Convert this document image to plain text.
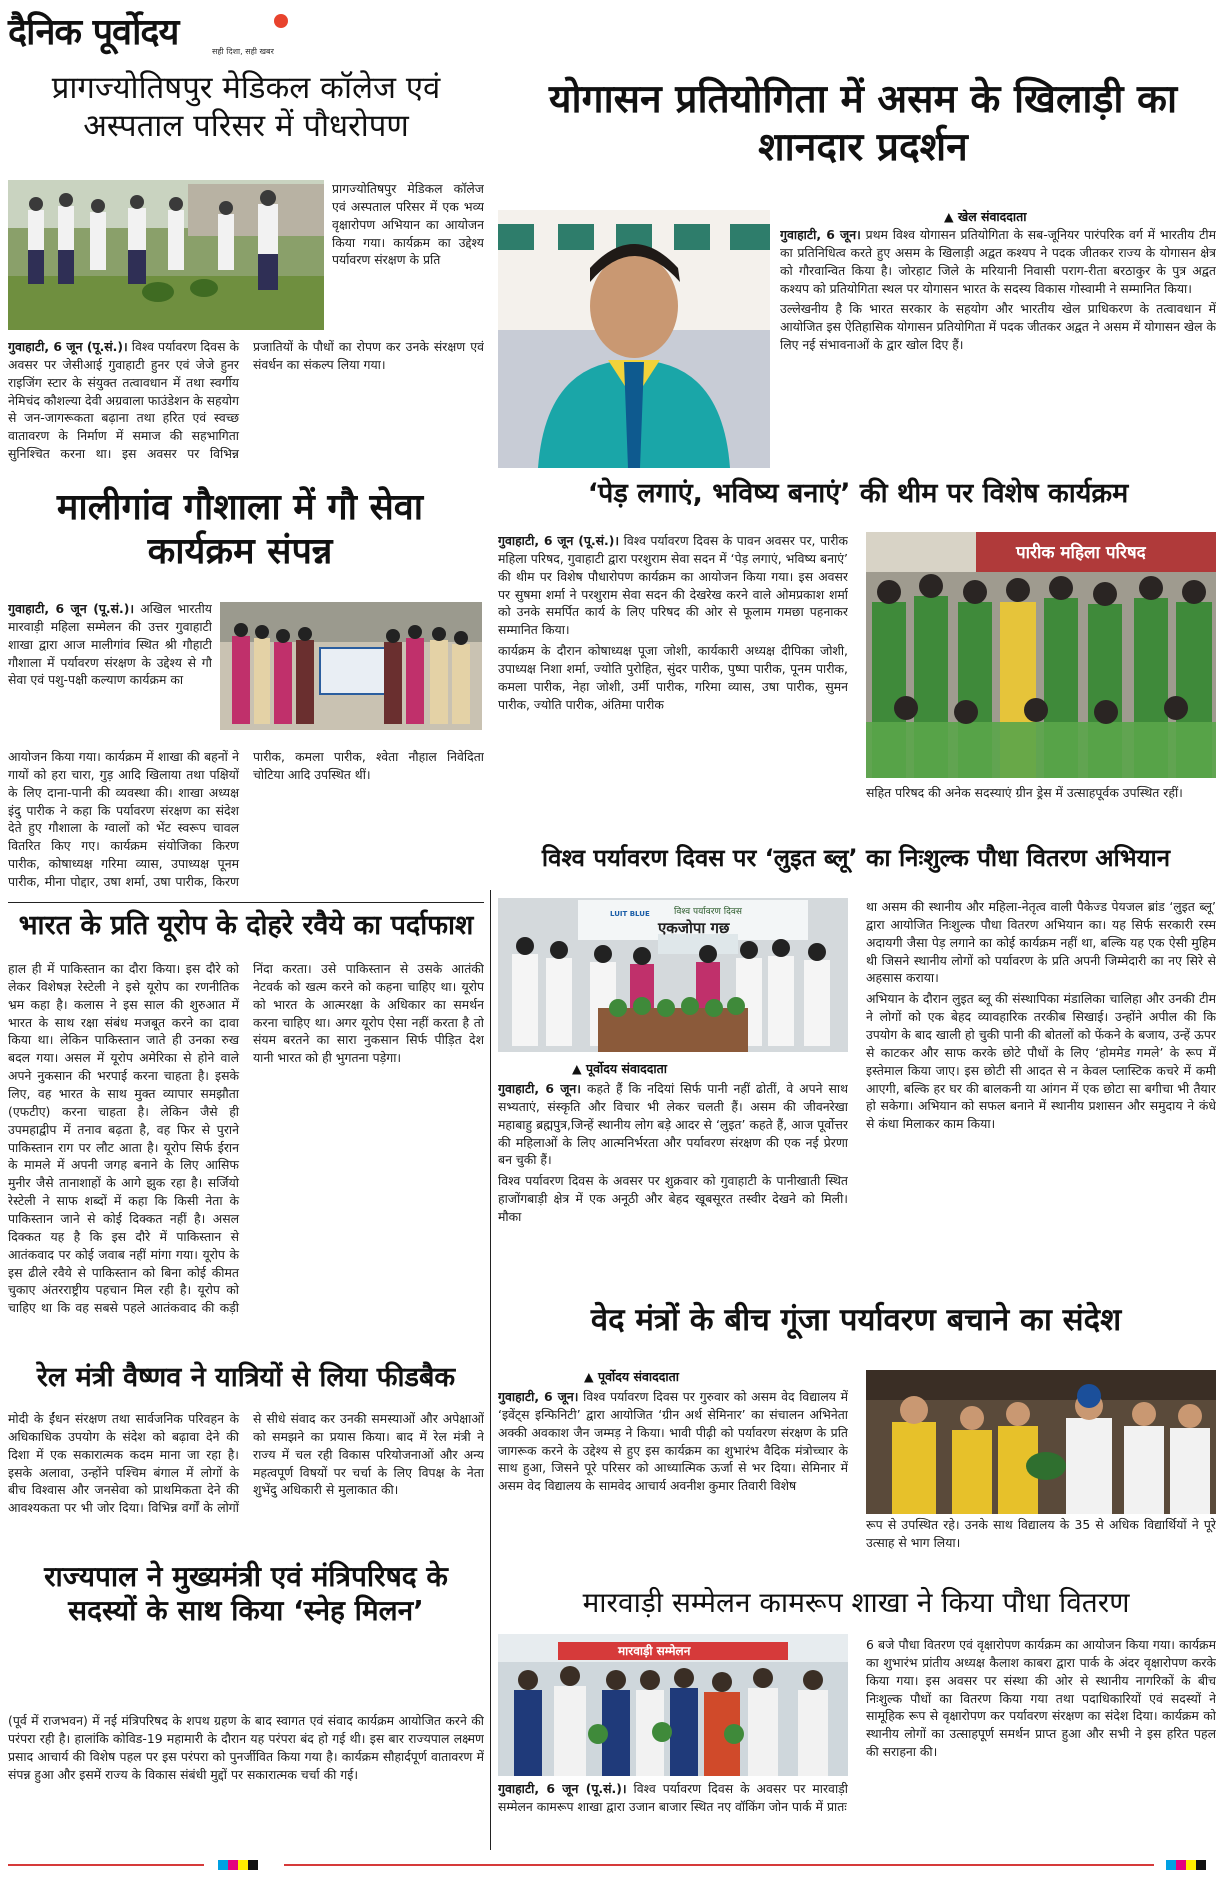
दैनिक पूर्वोदय	सही दिशा, सही खबर
प्रागज्योतिषपुर मेडिकल कॉलेज एवं अस्पताल परिसर में पौधरोपण
प्रागज्योतिषपुर मेडिकल कॉलेज एवं अस्पताल परिसर में एक भव्य वृक्षारोपण अभियान का आयोजन किया गया। कार्यक्रम का उद्देश्य पर्यावरण संरक्षण के प्रति
गुवाहाटी, 6 जून (पू.सं.)। विश्व पर्यावरण दिवस के अवसर पर जेसीआई गुवाहाटी हुनर एवं जेजे हुनर राइजिंग स्टार के संयुक्त तत्वावधान में तथा स्वर्गीय नेमिचंद कौशल्या देवी अग्रवाला फाउंडेशन के सहयोग से जन-जागरूकता बढ़ाना तथा हरित एवं स्वच्छ वातावरण के निर्माण में समाज की सहभागिता सुनिश्चित करना था। इस अवसर पर विभिन्न प्रजातियों के पौधों का रोपण कर उनके संरक्षण एवं संवर्धन का संकल्प लिया गया।
मालीगांव गौशाला में गौ सेवा कार्यक्रम संपन्न
गुवाहाटी, 6 जून (पू.सं.)। अखिल भारतीय मारवाड़ी महिला सम्मेलन की उत्तर गुवाहाटी शाखा द्वारा आज मालीगांव स्थित श्री गौहाटी गौशाला में पर्यावरण संरक्षण के उद्देश्य से गौ सेवा एवं पशु-पक्षी कल्याण कार्यक्रम का
आयोजन किया गया। कार्यक्रम में शाखा की बहनों ने गायों को हरा चारा, गुड़ आदि खिलाया तथा पक्षियों के लिए दाना-पानी की व्यवस्था की। शाखा अध्यक्ष इंदु पारीक ने कहा कि पर्यावरण संरक्षण का संदेश देते हुए गौशाला के ग्वालों को भेंट स्वरूप चावल वितरित किए गए। कार्यक्रम संयोजिका किरण पारीक, कोषाध्यक्ष गरिमा व्यास, उपाध्यक्ष पूनम पारीक, मीना पोद्दार, उषा शर्मा, उषा पारीक, किरण पारीक, कमला पारीक, श्वेता नौहाल निवेदिता चोटिया आदि उपस्थित थीं।
भारत के प्रति यूरोप के दोहरे रवैये का पर्दाफाश
हाल ही में पाकिस्तान का दौरा किया। इस दौरे को लेकर विशेषज्ञ रेस्टेली ने इसे यूरोप का रणनीतिक भ्रम कहा है। कलास ने इस साल की शुरुआत में भारत के साथ रक्षा संबंध मजबूत करने का दावा किया था। लेकिन पाकिस्तान जाते ही उनका रुख बदल गया। असल में यूरोप अमेरिका से होने वाले अपने नुकसान की भरपाई करना चाहता है। इसके लिए, वह भारत के साथ मुक्त व्यापार समझौता (एफटीए) करना चाहता है। लेकिन जैसे ही उपमहाद्वीप में तनाव बढ़ता है, वह फिर से पुराने पाकिस्तान राग पर लौट आता है। यूरोप सिर्फ ईरान के मामले में अपनी जगह बनाने के लिए आसिफ मुनीर जैसे तानाशाहों के आगे झुक रहा है। सर्जियो रेस्टेली ने साफ शब्दों में कहा कि किसी नेता के पाकिस्तान जाने से कोई दिक्कत नहीं है। असल दिक्कत यह है कि इस दौरे में पाकिस्तान से आतंकवाद पर कोई जवाब नहीं मांगा गया। यूरोप के इस ढीले रवैये से पाकिस्तान को बिना कोई कीमत चुकाए अंतरराष्ट्रीय पहचान मिल रही है। यूरोप को चाहिए था कि वह सबसे पहले आतंकवाद की कड़ी निंदा करता। उसे पाकिस्तान से उसके आतंकी नेटवर्क को खत्म करने को कहना चाहिए था। यूरोप को भारत के आत्मरक्षा के अधिकार का समर्थन करना चाहिए था। अगर यूरोप ऐसा नहीं करता है तो संयम बरतने का सारा नुकसान सिर्फ पीड़ित देश यानी भारत को ही भुगतना पड़ेगा।
रेल मंत्री वैष्णव ने यात्रियों से लिया फीडबैक
मोदी के ईंधन संरक्षण तथा सार्वजनिक परिवहन के अधिकाधिक उपयोग के संदेश को बढ़ावा देने की दिशा में एक सकारात्मक कदम माना जा रहा है। इसके अलावा, उन्होंने पश्चिम बंगाल में लोगों के बीच विश्वास और जनसेवा को प्राथमिकता देने की आवश्यकता पर भी जोर दिया। विभिन्न वर्गों के लोगों से सीधे संवाद कर उनकी समस्याओं और अपेक्षाओं को समझने का प्रयास किया। बाद में रेल मंत्री ने राज्य में चल रही विकास परियोजनाओं और अन्य महत्वपूर्ण विषयों पर चर्चा के लिए विपक्ष के नेता शुभेंदु अधिकारी से मुलाकात की।
राज्यपाल ने मुख्यमंत्री एवं मंत्रिपरिषद के सदस्यों के साथ किया ‘स्नेह मिलन’
(पूर्व में राजभवन) में नई मंत्रिपरिषद के शपथ ग्रहण के बाद स्वागत एवं संवाद कार्यक्रम आयोजित करने की परंपरा रही है। हालांकि कोविड-19 महामारी के दौरान यह परंपरा बंद हो गई थी। इस बार राज्यपाल लक्ष्मण प्रसाद आचार्य की विशेष पहल पर इस परंपरा को पुनर्जीवित किया गया है। कार्यक्रम सौहार्दपूर्ण वातावरण में संपन्न हुआ और इसमें राज्य के विकास संबंधी मुद्दों पर सकारात्मक चर्चा की गई।
योगासन प्रतियोगिता में असम के खिलाड़ी का शानदार प्रदर्शन
▲ खेल संवाददाता

गुवाहाटी, 6 जून। प्रथम विश्व योगासन प्रतियोगिता के सब-जूनियर पारंपरिक वर्ग में भारतीय टीम का प्रतिनिधित्व करते हुए असम के खिलाड़ी अद्वत कश्यप ने पदक जीतकर राज्य के योगासन क्षेत्र को गौरवान्वित किया है। जोरहाट जिले के मरियानी निवासी पराग-रीता बरठाकुर के पुत्र अद्वत कश्यप को प्रतियोगिता स्थल पर योगासन भारत के सदस्य विकास गोस्वामी ने सम्मानित किया।

उल्लेखनीय है कि भारत सरकार के सहयोग और भारतीय खेल प्राधिकरण के तत्वावधान में आयोजित इस ऐतिहासिक योगासन प्रतियोगिता में पदक जीतकर अद्वत ने असम में योगासन खेल के लिए नई संभावनाओं के द्वार खोल दिए हैं।

‘पेड़ लगाएं, भविष्य बनाएं’ की थीम पर विशेष कार्यक्रम

गुवाहाटी, 6 जून (पू.सं.)। विश्व पर्यावरण दिवस के पावन अवसर पर, पारीक महिला परिषद, गुवाहाटी द्वारा परशुराम सेवा सदन में ‘पेड़ लगाएं, भविष्य बनाएं’ की थीम पर विशेष पौधारोपण कार्यक्रम का आयोजन किया गया। इस अवसर पर सुषमा शर्मा ने परशुराम सेवा सदन की देखरेख करने वाले ओमप्रकाश शर्मा को उनके समर्पित कार्य के लिए परिषद की ओर से फूलाम गमछा पहनाकर सम्मानित किया।

कार्यक्रम के दौरान कोषाध्यक्ष पूजा जोशी, कार्यकारी अध्यक्ष दीपिका जोशी, उपाध्यक्ष निशा शर्मा, ज्योति पुरोहित, सुंदर पारीक, पुष्पा पारीक, पूनम पारीक, कमला पारीक, नेहा जोशी, उर्मी पारीक, गरिमा व्यास, उषा पारीक, सुमन पारीक, ज्योति पारीक, अंतिमा पारीक

पारीक महिला परिषद
सहित परिषद की अनेक सदस्याएं ग्रीन ड्रेस में उत्साहपूर्वक उपस्थित रहीं।
विश्व पर्यावरण दिवस पर ‘लुइत ब्लू’ का निःशुल्क पौधा वितरण अभियान
LUIT BLUE	विश्व पर्यावरण दिवस
एकजोपा गछ
▲ पूर्वोदय संवाददाता

गुवाहाटी, 6 जून। कहते हैं कि नदियां सिर्फ पानी नहीं ढोतीं, वे अपने साथ सभ्यताएं, संस्कृति और विचार भी लेकर चलती हैं। असम की जीवनरेखा महाबाहु ब्रह्मपुत्र,जिन्हें स्थानीय लोग बड़े आदर से ‘लुइत’ कहते हैं, आज पूर्वोत्तर की महिलाओं के लिए आत्मनिर्भरता और पर्यावरण संरक्षण की एक नई प्रेरणा बन चुकी हैं।

विश्व पर्यावरण दिवस के अवसर पर शुक्रवार को गुवाहाटी के पानीखाती स्थित हाजोंगबाड़ी क्षेत्र में एक अनूठी और बेहद खूबसूरत तस्वीर देखने को मिली। मौका

था असम की स्थानीय और महिला-नेतृत्व वाली पैकेज्ड पेयजल ब्रांड ‘लुइत ब्लू’ द्वारा आयोजित निःशुल्क पौधा वितरण अभियान का। यह सिर्फ सरकारी रस्म अदायगी जैसा पेड़ लगाने का कोई कार्यक्रम नहीं था, बल्कि यह एक ऐसी मुहिम थी जिसने स्थानीय लोगों को पर्यावरण के प्रति अपनी जिम्मेदारी का नए सिरे से अहसास कराया।

अभियान के दौरान लुइत ब्लू की संस्थापिका मंडालिका चालिहा और उनकी टीम ने लोगों को एक बेहद व्यावहारिक तरकीब सिखाई। उन्होंने अपील की कि उपयोग के बाद खाली हो चुकी पानी की बोतलों को फेंकने के बजाय, उन्हें ऊपर से काटकर और साफ करके छोटे पौधों के लिए ‘होममेड गमले’ के रूप में इस्तेमाल किया जाए। इस छोटी सी आदत से न केवल प्लास्टिक कचरे में कमी आएगी, बल्कि हर घर की बालकनी या आंगन में एक छोटा सा बगीचा भी तैयार हो सकेगा। अभियान को सफल बनाने में स्थानीय प्रशासन और समुदाय ने कंधे से कंधा मिलाकर काम किया।

वेद मंत्रों के बीच गूंजा पर्यावरण बचाने का संदेश
▲ पूर्वोदय संवाददाता
गुवाहाटी, 6 जून। विश्व पर्यावरण दिवस पर गुरुवार को असम वेद विद्यालय में ‘इवेंट्स इन्फिनिटी’ द्वारा आयोजित ‘ग्रीन अर्थ सेमिनार’ का संचालन अभिनेता अक्की अवकाश जैन जम्मड़ ने किया। भावी पीढ़ी को पर्यावरण संरक्षण के प्रति जागरूक करने के उद्देश्य से हुए इस कार्यक्रम का शुभारंभ वैदिक मंत्रोच्चार के साथ हुआ, जिसने पूरे परिसर को आध्यात्मिक ऊर्जा से भर दिया। सेमिनार में असम वेद विद्यालय के सामवेद आचार्य अवनीश कुमार तिवारी विशेष
रूप से उपस्थित रहे। उनके साथ विद्यालय के 35 से अधिक विद्यार्थियों ने पूरे उत्साह से भाग लिया।
मारवाड़ी सम्मेलन कामरूप शाखा ने किया पौधा वितरण
मारवाड़ी सम्मेलन
गुवाहाटी, 6 जून (पू.सं.)। विश्व पर्यावरण दिवस के अवसर पर मारवाड़ी सम्मेलन कामरूप शाखा द्वारा उजान बाजार स्थित नए वॉकिंग जोन पार्क में प्रातः
6 बजे पौधा वितरण एवं वृक्षारोपण कार्यक्रम का आयोजन किया गया। कार्यक्रम का शुभारंभ प्रांतीय अध्यक्ष कैलाश काबरा द्वारा पार्क के अंदर वृक्षारोपण करके किया गया। इस अवसर पर संस्था की ओर से स्थानीय नागरिकों के बीच निःशुल्क पौधों का वितरण किया गया तथा पदाधिकारियों एवं सदस्यों ने सामूहिक रूप से वृक्षारोपण कर पर्यावरण संरक्षण का संदेश दिया। कार्यक्रम को स्थानीय लोगों का उत्साहपूर्ण समर्थन प्राप्त हुआ और सभी ने इस हरित पहल की सराहना की।
